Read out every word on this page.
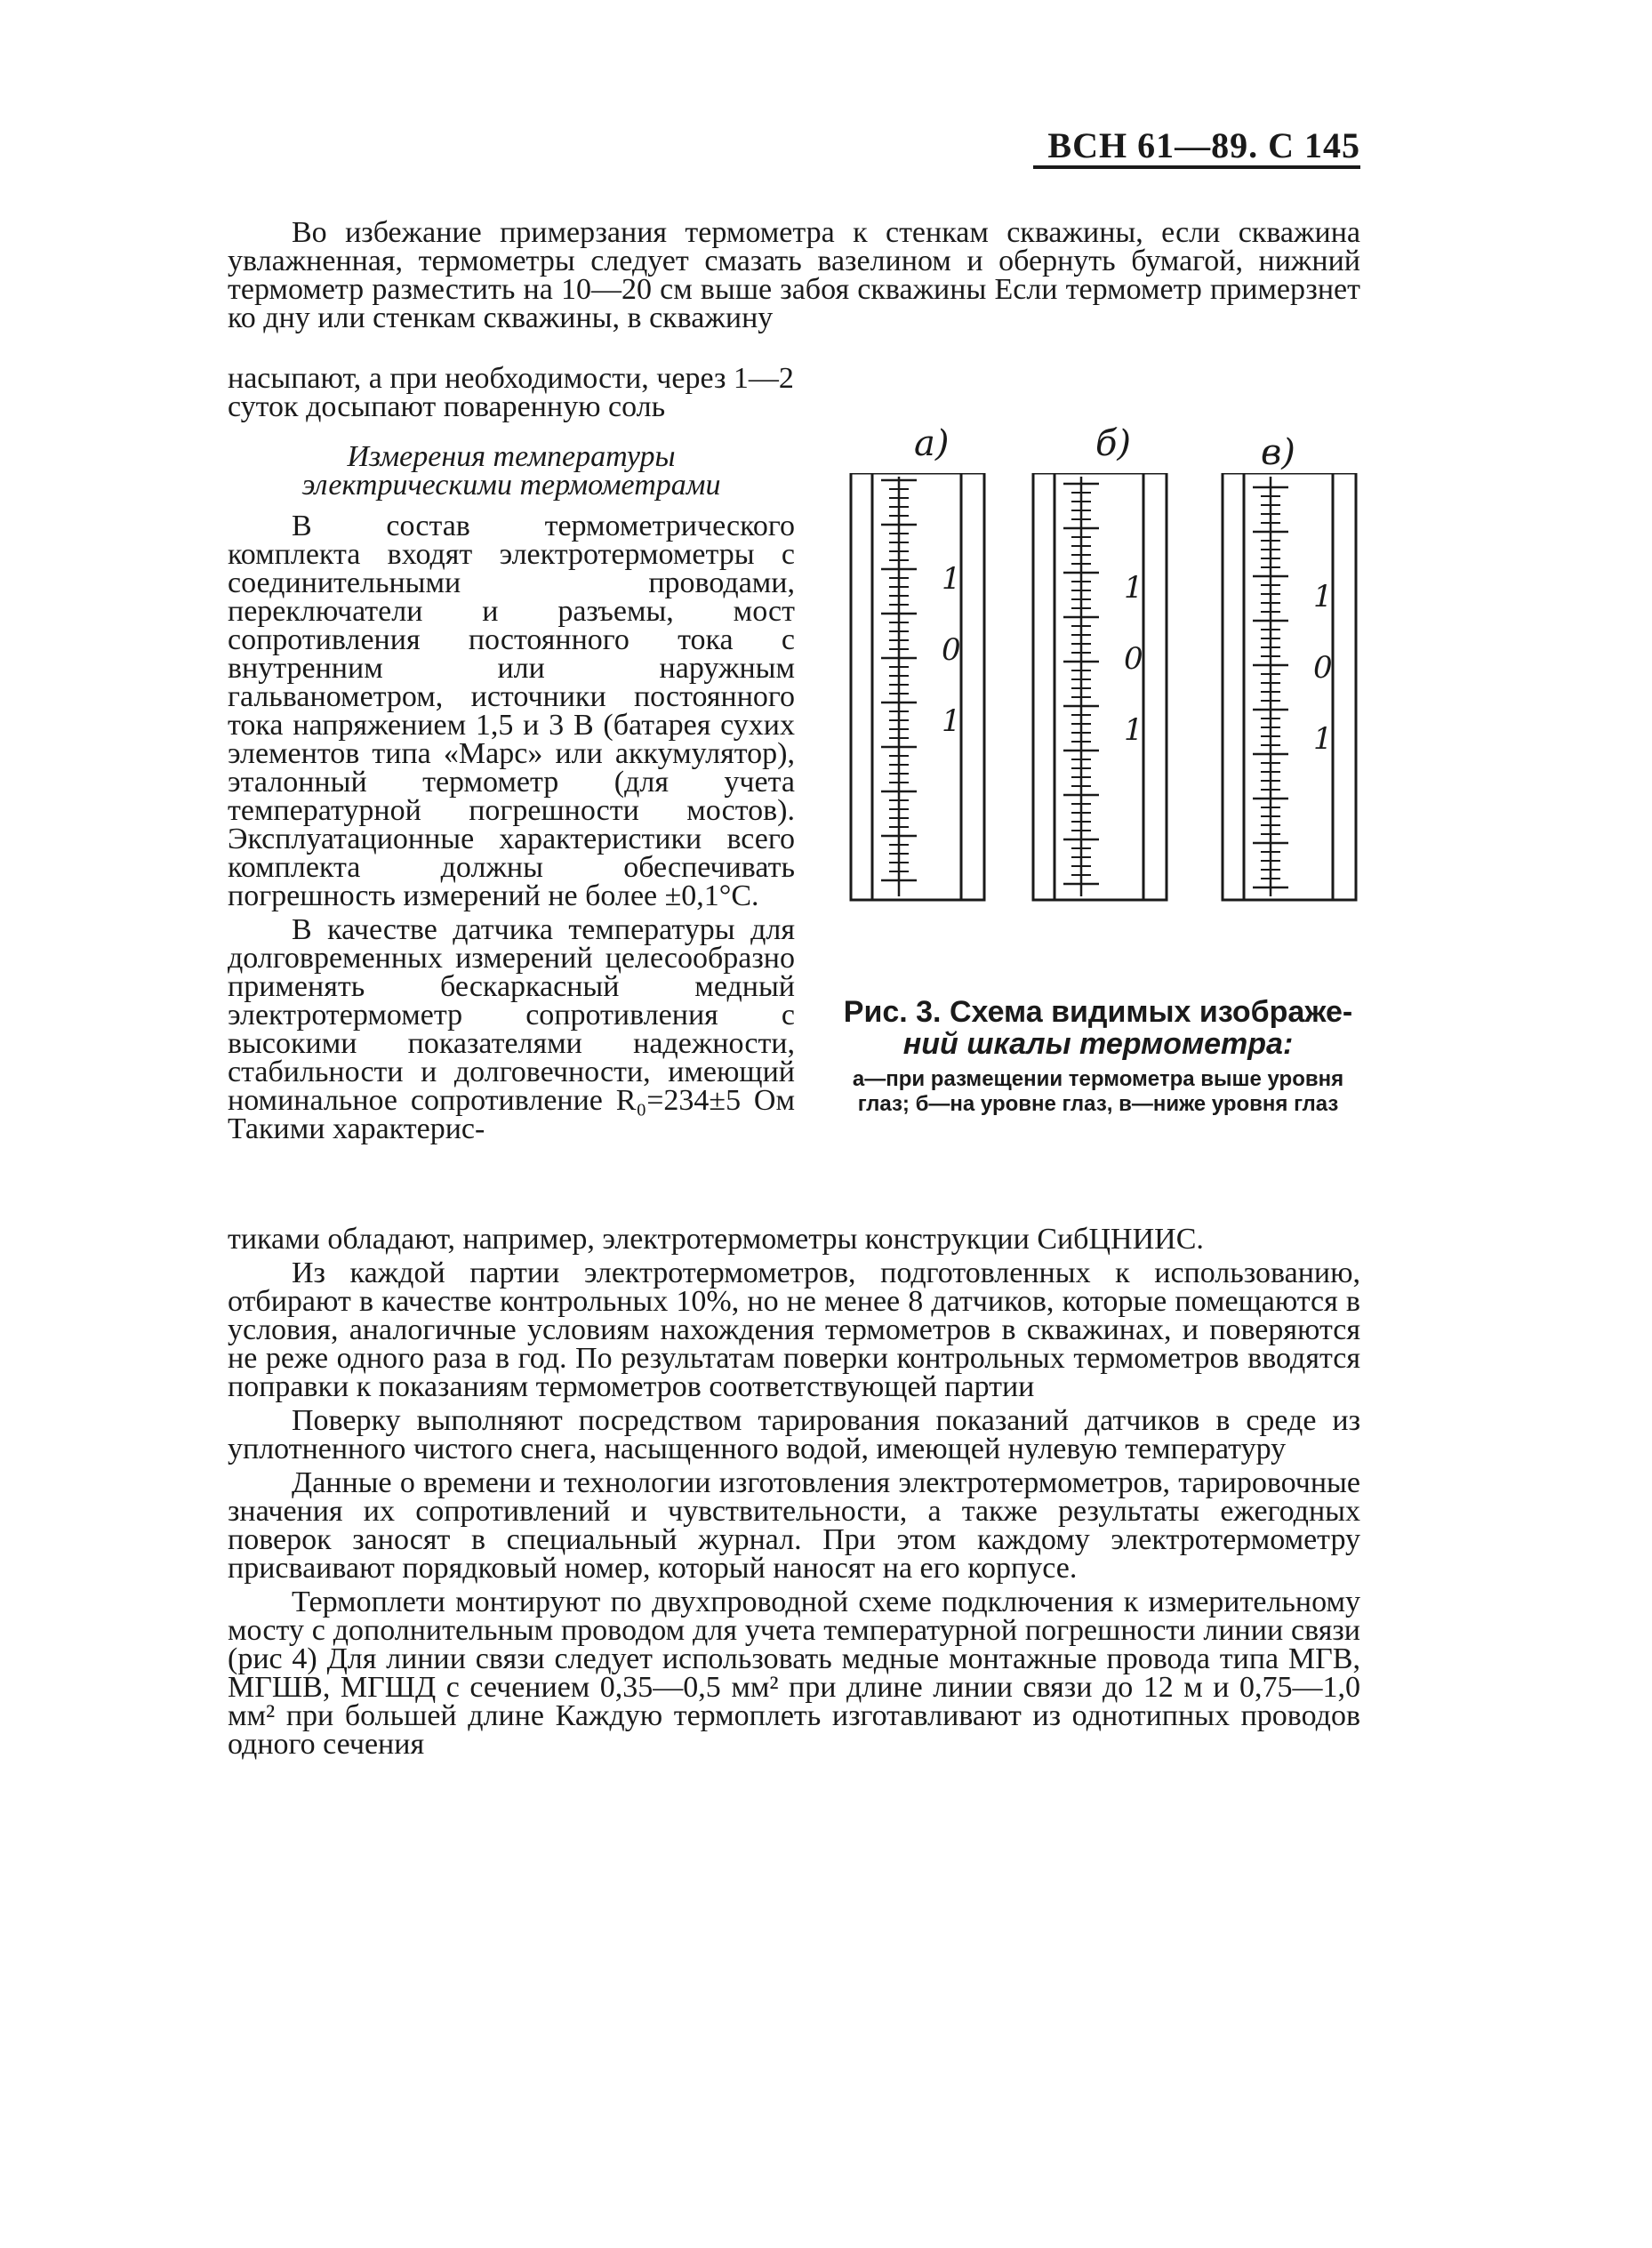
ВСН 61—89. С 145

Во избежание примерзания термометра к стенкам скважины, если скважина увлажненная, термометры следует смазать вазелином и обернуть бумагой, нижний термометр разместить на 10—20 см выше забоя скважины Если термометр примерзнет ко дну или стенкам скважины, в скважину

насыпают, а при необходимости, через 1—2 суток досыпают поваренную соль

Измерения температуры
электрическими термометрами

В состав термометрического комплекта входят электротермометры с соединительными проводами, переключатели и разъемы, мост сопротивления постоянного тока с внутренним или наружным гальванометром, источники постоянного тока напряжением 1,5 и 3 В (батарея сухих элементов типа «Марс» или аккумулятор), эталонный термометр (для учета температурной погрешности мостов). Эксплуатационные характеристики всего комплекта должны обеспечивать погрешность измерений не более ±0,1°С.

В качестве датчика температуры для долговременных измерений целесообразно применять бескаркасный медный электротермометр сопротивления с высокими показателями надежности, стабильности и долговечности, имеющий номинальное сопротивление R₀=234±5 Ом Такими характерис-

а)	б)	в)
1
0
1
1
0
1
1
0
1
Рис. 3. Схема видимых изображе-
ний шкалы термометра:
а—при размещении термометра выше уровня глаз; б—на уровне глаз, в—ниже уровня глаз

тиками обладают, например, электротермометры конструкции СибЦНИИС.

Из каждой партии электротермометров, подготовленных к использованию, отбирают в качестве контрольных 10%, но не менее 8 датчиков, которые помещаются в условия, аналогичные условиям нахождения термометров в скважинах, и поверяются не реже одного раза в год. По результатам поверки контрольных термометров вводятся поправки к показаниям термометров соответствующей партии

Поверку выполняют посредством тарирования показаний датчиков в среде из уплотненного чистого снега, насыщенного водой, имеющей нулевую температуру

Данные о времени и технологии изготовления электротермометров, тарировочные значения их сопротивлений и чувствительности, а также результаты ежегодных поверок заносят в специальный журнал. При этом каждому электротермометру присваивают порядковый номер, который наносят на его корпусе.

Термоплети монтируют по двухпроводной схеме подключения к измерительному мосту с дополнительным проводом для учета температурной погрешности линии связи (рис 4) Для линии связи следует использовать медные монтажные провода типа МГВ, МГШВ, МГШД с сечением 0,35—0,5 мм² при длине линии связи до 12 м и 0,75—1,0 мм² при большей длине Каждую термоплеть изготавливают из однотипных проводов одного сечения
